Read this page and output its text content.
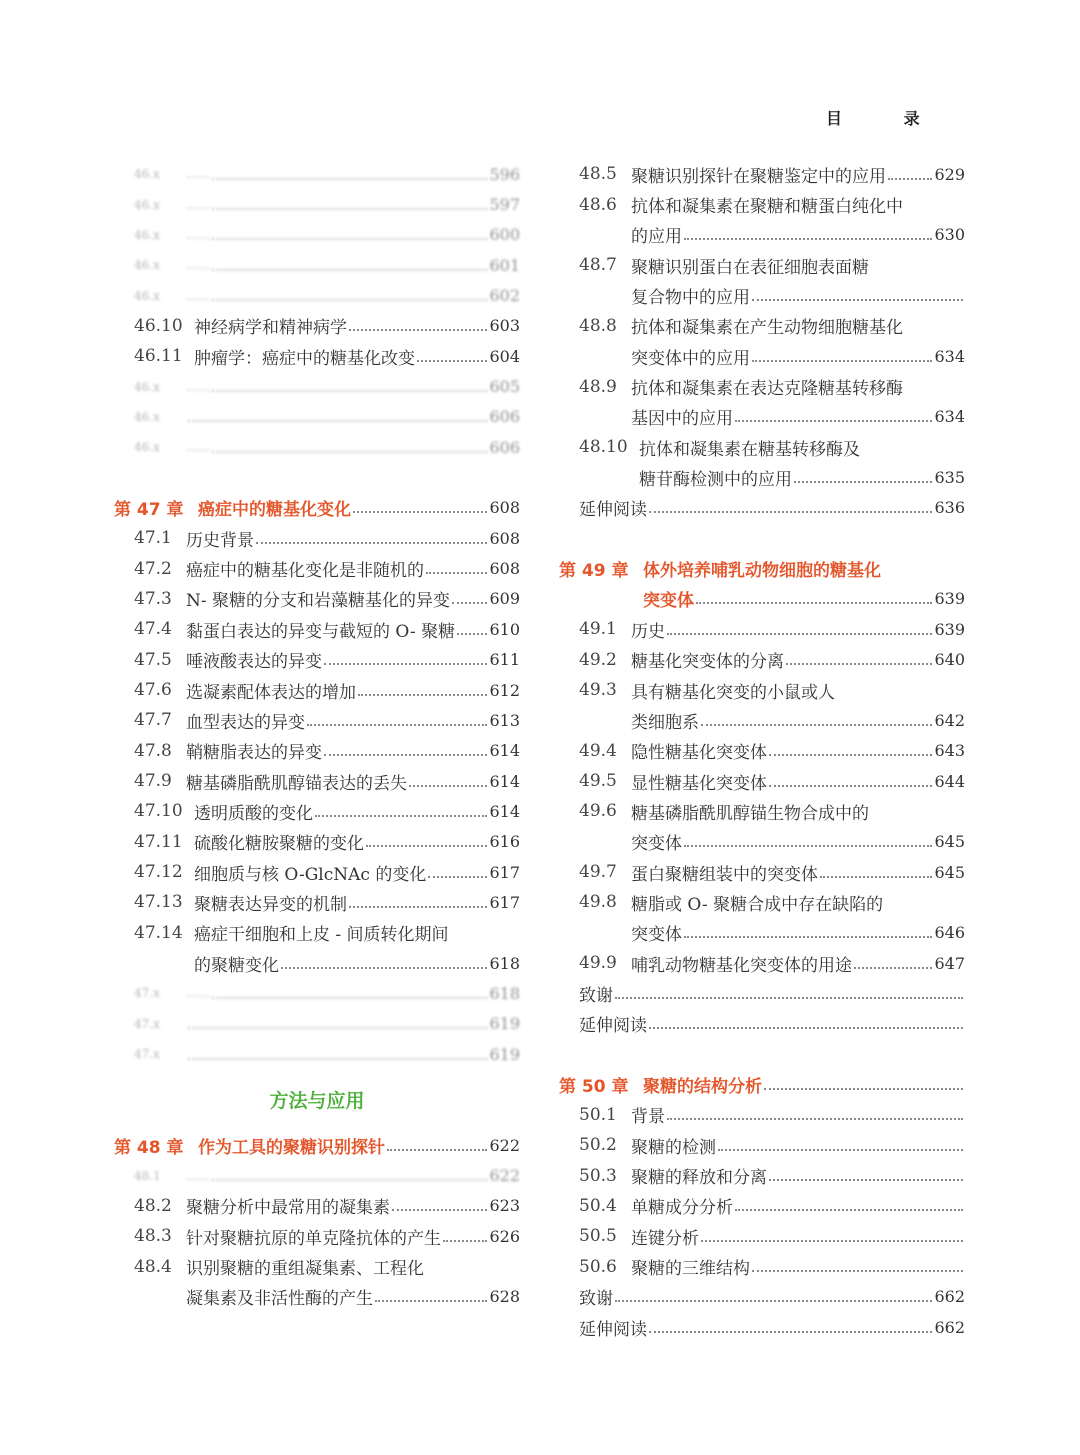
目 录
46.x	……	596
46.x	……	597
46.x	……	600
46.x	……	601
46.x	……	602
46.10 神经病学和精神病学	603
46.11 肿瘤学：癌症中的糖基化改变	604
46.x	……	605
46.x	606
46.x	……	606
第 47 章 癌症中的糖基化变化	608
47.1 历史背景	608
47.2 癌症中的糖基化变化是非随机的	608
47.3 N- 聚糖的分支和岩藻糖基化的异变 609
47.4 黏蛋白表达的异变与截短的 O- 聚糖 610
47.5 唾液酸表达的异变	611
47.6 选凝素配体表达的增加	612
47.7 血型表达的异变	613
47.8 鞘糖脂表达的异变	614
47.9 糖基磷脂酰肌醇锚表达的丢失	614
47.10 透明质酸的变化	614
47.11 硫酸化糖胺聚糖的变化	616
47.12 细胞质与核 O-GlcNAc 的变化	617
47.13 聚糖表达异变的机制	617
47.14 癌症干细胞和上皮 - 间质转化期间
的聚糖变化	618
47.x	……	618
47.x	619
47.x	619
方法与应用
第 48 章 作为工具的聚糖识别探针	622
48.1	……	622
48.2 聚糖分析中最常用的凝集素	623
48.3 针对聚糖抗原的单克隆抗体的产生	626
48.4 识别聚糖的重组凝集素、工程化
凝集素及非活性酶的产生	628
48.5 聚糖识别探针在聚糖鉴定中的应用	629
48.6 抗体和凝集素在聚糖和糖蛋白纯化中
的应用	630
48.7 聚糖识别蛋白在表征细胞表面糖
复合物中的应用
48.8 抗体和凝集素在产生动物细胞糖基化
突变体中的应用	634
48.9 抗体和凝集素在表达克隆糖基转移酶
基因中的应用	634
48.10 抗体和凝集素在糖基转移酶及
糖苷酶检测中的应用	635
延伸阅读	636
第 49 章 体外培养哺乳动物细胞的糖基化
突变体	639
49.1 历史	639
49.2 糖基化突变体的分离	640
49.3 具有糖基化突变的小鼠或人
类细胞系	642
49.4 隐性糖基化突变体	643
49.5 显性糖基化突变体	644
49.6 糖基磷脂酰肌醇锚生物合成中的
突变体	645
49.7 蛋白聚糖组装中的突变体	645
49.8 糖脂或 O- 聚糖合成中存在缺陷的
突变体	646
49.9 哺乳动物糖基化突变体的用途	647
致谢
延伸阅读
第 50 章 聚糖的结构分析
50.1 背景
50.2 聚糖的检测
50.3 聚糖的释放和分离
50.4 单糖成分分析
50.5 连键分析
50.6 聚糖的三维结构
致谢	662
延伸阅读	662
